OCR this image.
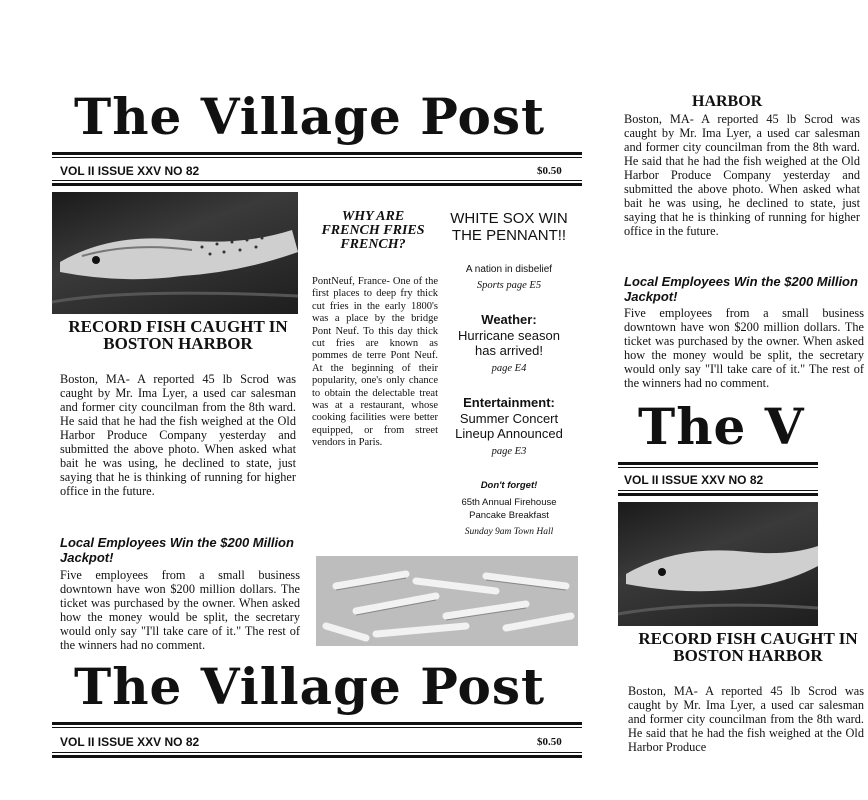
The Village Post
VOL II ISSUE XXV NO 82	$0.50
RECORD FISH CAUGHT IN BOSTON HARBOR
Boston, MA- A reported 45 lb Scrod was caught by Mr. Ima Lyer, a used car salesman and former city councilman from the 8th ward. He said that he had the fish weighed at the Old Harbor Produce Company yesterday and submitted the above photo. When asked what bait he was using, he declined to state, just saying that he is thinking of running for higher office in the future.
Local Employees Win the $200 Million Jackpot!
Five employees from a small business downtown have won $200 million dollars. The ticket was purchased by the owner. When asked how the money would be split, the secretary would only say "I'll take care of it." The rest of the winners had no comment.
WHY ARE FRENCH FRIES FRENCH?
PontNeuf, France- One of the first places to deep fry thick cut fries in the early 1800's was a place by the bridge Pont Neuf. To this day thick cut fries are known as pommes de terre Pont Neuf. At the beginning of their popularity, one's only chance to obtain the delectable treat was at a restaurant, whose cooking facilities were better equipped, or from street vendors in Paris.
WHITE SOX WIN THE PENNANT!!
A nation in disbelief
Sports page E5
Weather:
Hurricane season has arrived!
page E4
Entertainment:
Summer Concert Lineup Announced
page E3
Don't forget!
65th Annual Firehouse Pancake Breakfast
Sunday 9am Town Hall
The Village Post
VOL II ISSUE XXV NO 82	$0.50
HARBOR
Boston, MA- A reported 45 lb Scrod was caught by Mr. Ima Lyer, a used car salesman and former city councilman from the 8th ward. He said that he had the fish weighed at the Old Harbor Produce Company yesterday and submitted the above photo. When asked what bait he was using, he declined to state, just saying that he is thinking of running for higher office in the future.
Local Employees Win the $200 Million Jackpot!
Five employees from a small business downtown have won $200 million dollars. The ticket was purchased by the owner. When asked how the money would be split, the secretary would only say "I'll take care of it." The rest of the winners had no comment.
The V
VOL II ISSUE XXV NO 82
RECORD FISH CAUGHT IN BOSTON HARBOR
Boston, MA- A reported 45 lb Scrod was caught by Mr. Ima Lyer, a used car salesman and former city councilman from the 8th ward. He said that he had the fish weighed at the Old Harbor Produce
